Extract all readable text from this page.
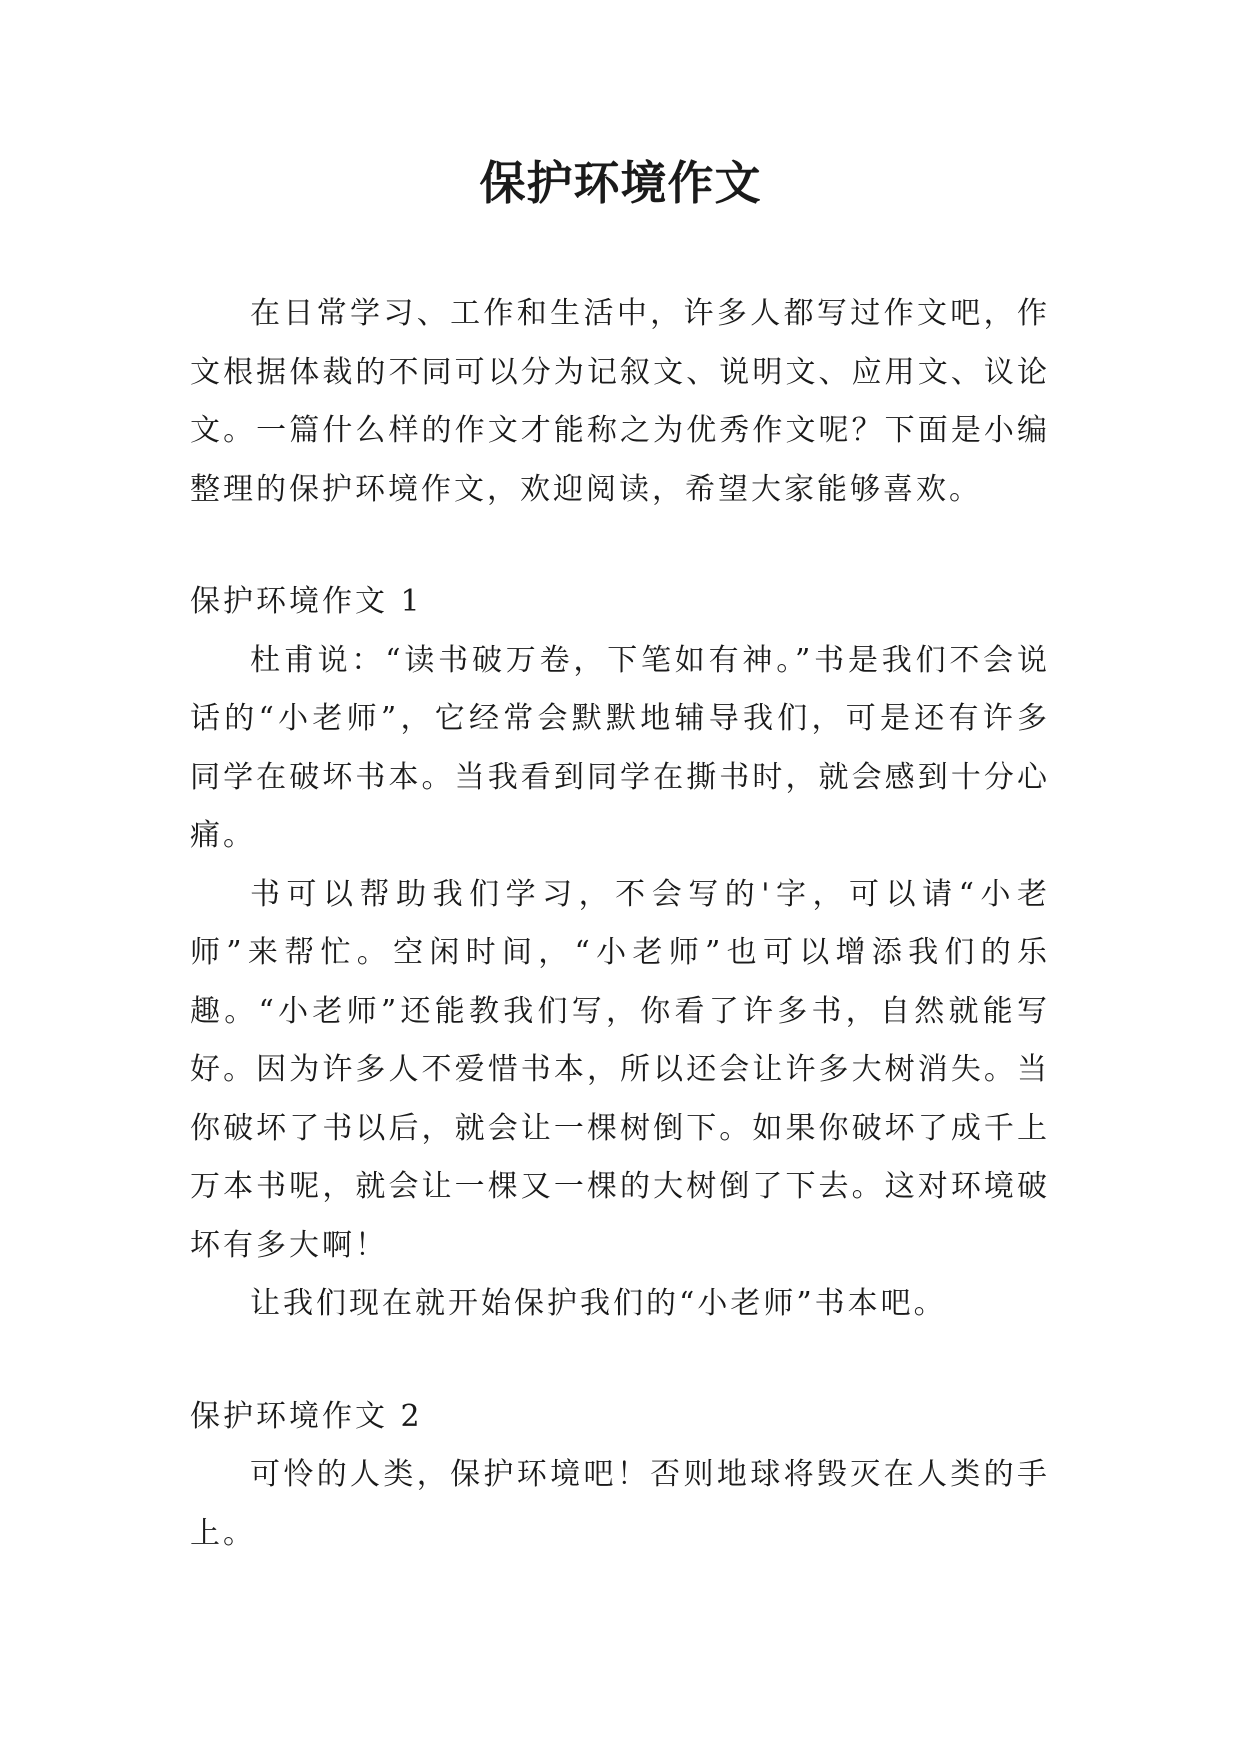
保护环境作文

在日常学习、工作和生活中，许多人都写过作文吧，作文根据体裁的不同可以分为记叙文、说明文、应用文、议论文。一篇什么样的作文才能称之为优秀作文呢？下面是小编整理的保护环境作文，欢迎阅读，希望大家能够喜欢。

保护环境作文 1

杜甫说：“读书破万卷，下笔如有神。”书是我们不会说话的“小老师”，它经常会默默地辅导我们，可是还有许多同学在破坏书本。当我看到同学在撕书时，就会感到十分心痛。

书可以帮助我们学习，不会写的'字，可以请“小老师”来帮忙。空闲时间，“小老师”也可以增添我们的乐趣。“小老师”还能教我们写，你看了许多书，自然就能写好。因为许多人不爱惜书本，所以还会让许多大树消失。当你破坏了书以后，就会让一棵树倒下。如果你破坏了成千上万本书呢，就会让一棵又一棵的大树倒了下去。这对环境破坏有多大啊！

让我们现在就开始保护我们的“小老师”书本吧。

保护环境作文 2

可怜的人类，保护环境吧！否则地球将毁灭在人类的手上。
